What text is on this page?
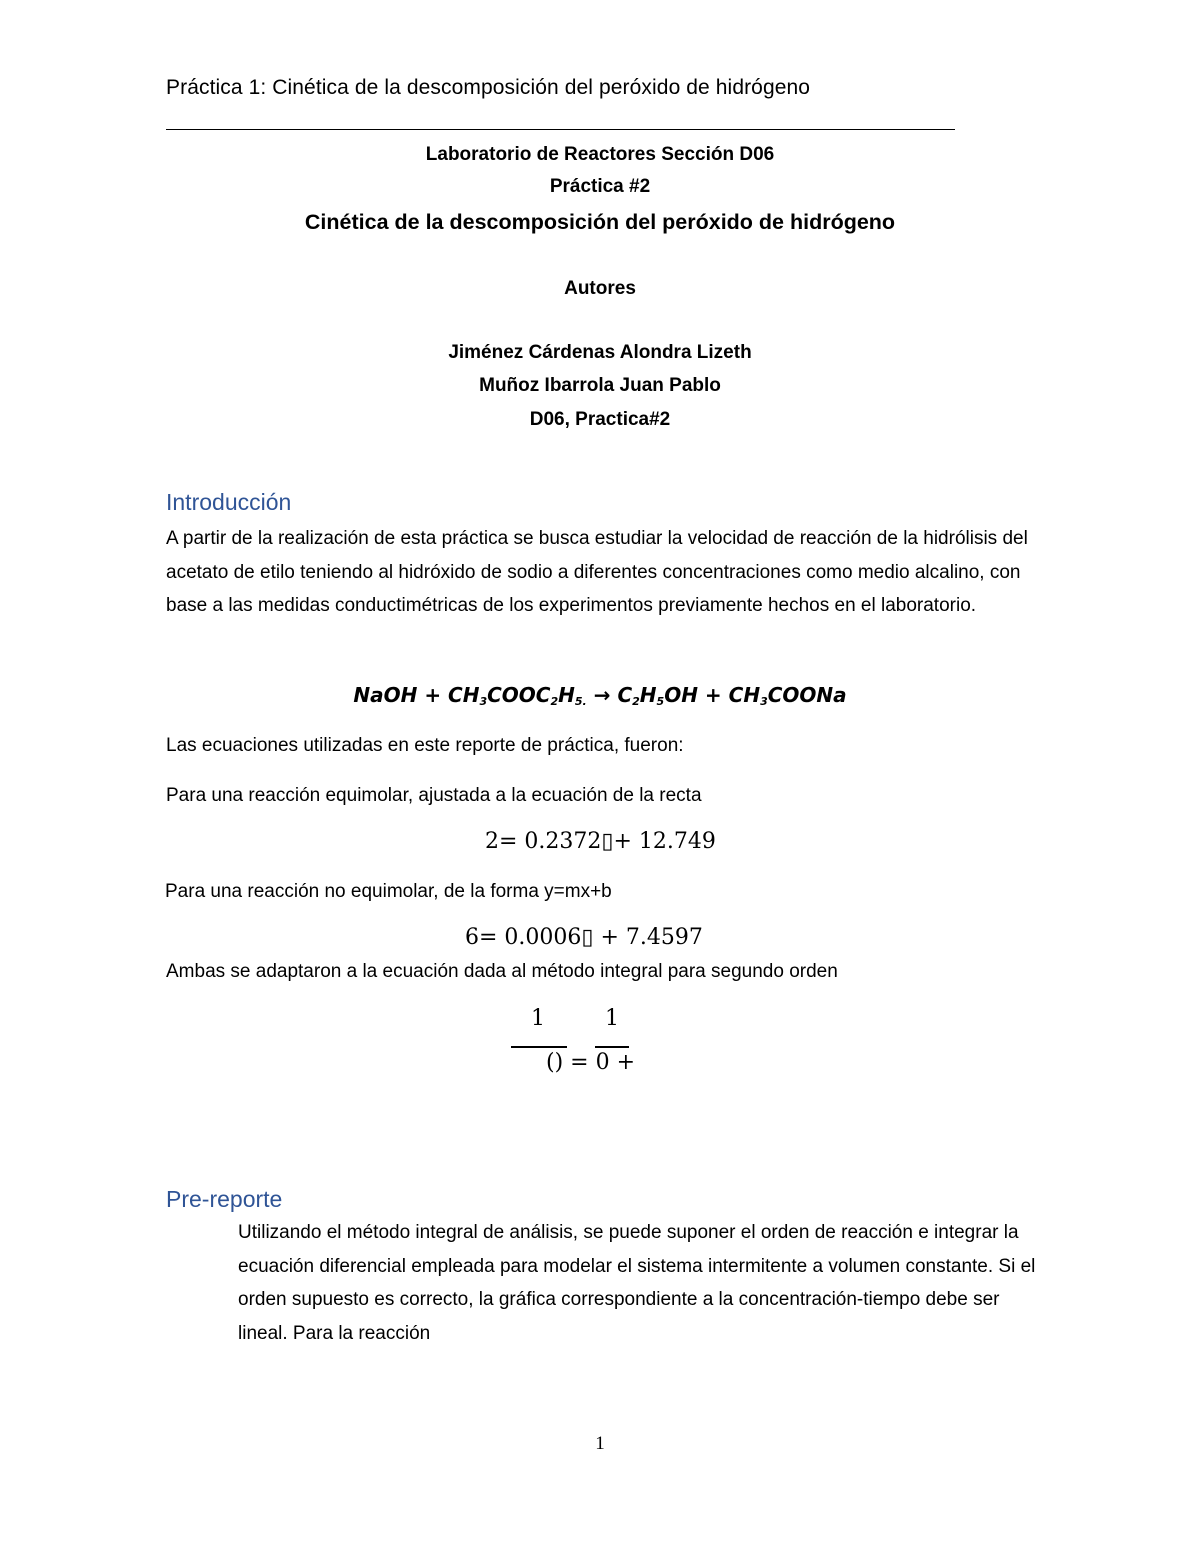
Práctica 1: Cinética de la descomposición del peróxido de hidrógeno
Laboratorio de Reactores Sección D06
Práctica #2
Cinética de la descomposición del peróxido de hidrógeno
Autores
Jiménez Cárdenas Alondra Lizeth
Muñoz Ibarrola Juan Pablo
D06, Practica#2
Introducción
A partir de la realización de esta práctica se busca estudiar la velocidad de reacción de la hidrólisis del acetato de etilo teniendo al hidróxido de sodio a diferentes concentraciones como medio alcalino, con base a las medidas conductimétricas de los experimentos previamente hechos en el laboratorio.
NaOH + $CH_3COOC_2H_{5.} \to C_2H_5OH$ + $CH_3COONa$
Las ecuaciones utilizadas en este reporte de práctica, fueron:
Para una reacción equimolar, ajustada a la ecuación de la recta
2= 0.2372▯+ 12.749
Para una reacción no equimolar, de la forma y=mx+b
6= 0.0006▯ + 7.4597
Ambas se adaptaron a la ecuación dada al método integral para segundo orden
1	1
() = 0 +
Pre-reporte
Utilizando el método integral de análisis, se puede suponer el orden de reacción e integrar la ecuación diferencial empleada para modelar el sistema intermitente a volumen constante. Si el orden supuesto es correcto, la gráfica correspondiente a la concentración-tiempo debe ser lineal. Para la reacción
1
